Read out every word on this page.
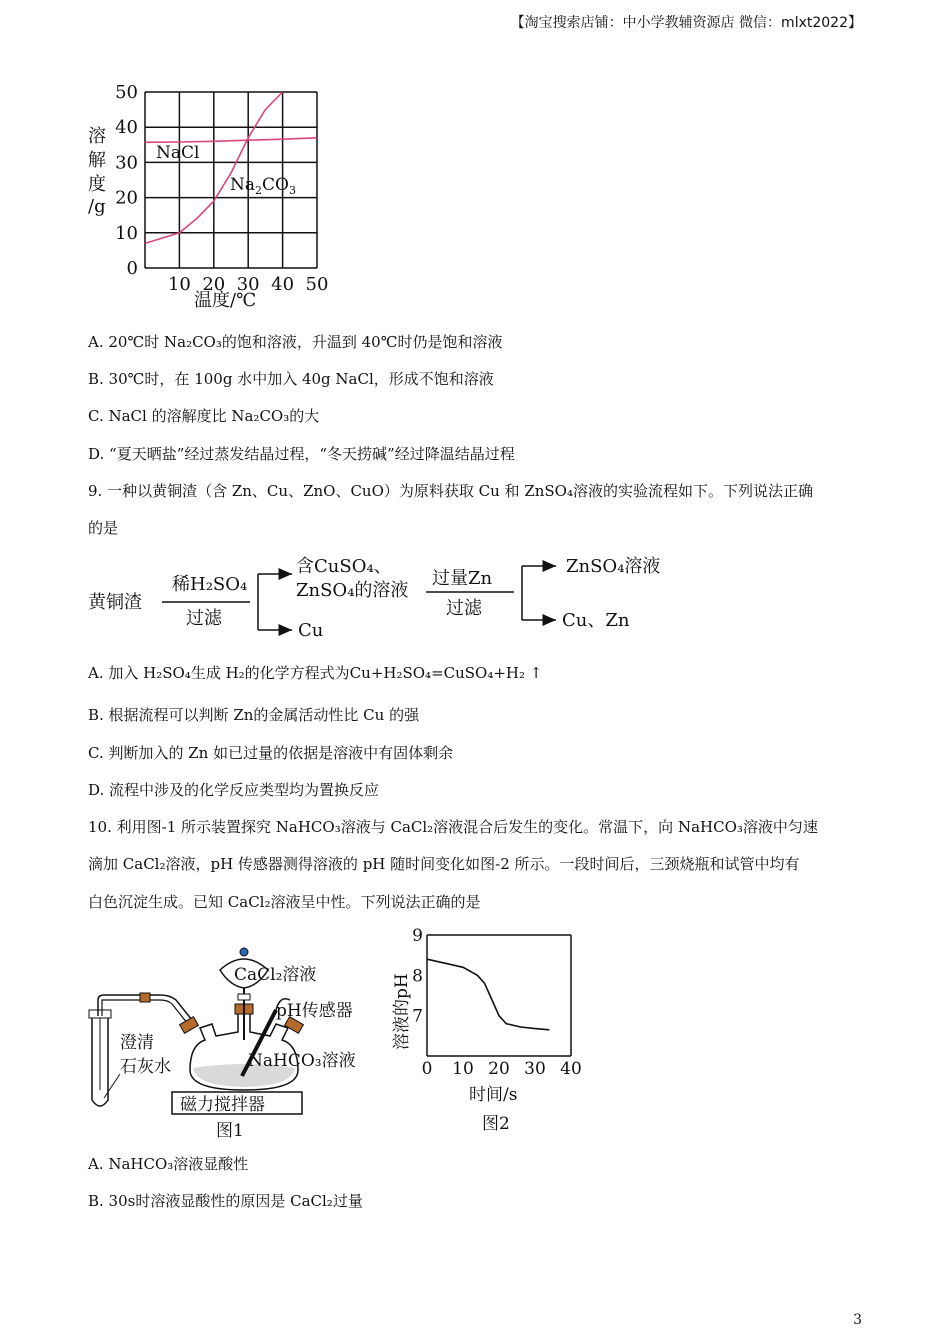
【淘宝搜索店铺：中小学教辅资源店 微信：mlxt2022】
10 20 30 40 50
0
10
20
30
40
50
NaCl
$Na_2CO_3$
溶
解
度
/g
温度/℃
A. 20℃时 Na₂CO₃的饱和溶液，升温到 40℃时仍是饱和溶液
B. 30℃时，在 100g 水中加入 40g NaCl，形成不饱和溶液
C. NaCl 的溶解度比 Na₂CO₃的大
D. “夏天晒盐”经过蒸发结晶过程，“冬天捞碱”经过降温结晶过程
9. 一种以黄铜渣（含 Zn、Cu、ZnO、CuO）为原料获取 Cu 和 ZnSO₄溶液的实验流程如下。下列说法正确
的是
黄铜渣
稀H₂SO₄
过滤
含CuSO₄、
ZnSO₄的溶液
Cu
过量Zn
过滤
ZnSO₄溶液
Cu、Zn
A. 加入 H₂SO₄生成 H₂的化学方程式为Cu+H₂SO₄=CuSO₄+H₂ ↑
B. 根据流程可以判断 Zn的金属活动性比 Cu 的强
C. 判断加入的 Zn 如已过量的依据是溶液中有固体剩余
D. 流程中涉及的化学反应类型均为置换反应
10. 利用图-1 所示装置探究 NaHCO₃溶液与 CaCl₂溶液混合后发生的变化。常温下，向 NaHCO₃溶液中匀速
滴加 CaCl₂溶液，pH 传感器测得溶液的 pH 随时间变化如图-2 所示。一段时间后，三颈烧瓶和试管中均有
白色沉淀生成。已知 CaCl₂溶液呈中性。下列说法正确的是
澄清
石灰水
CaCl₂溶液
pH传感器
NaHCO₃溶液
磁力搅拌器
图1
0 10 20 30 40
7
8
9
溶液的pH
时间/s
图2
A. NaHCO₃溶液显酸性
B. 30s时溶液显酸性的原因是 CaCl₂过量
3
